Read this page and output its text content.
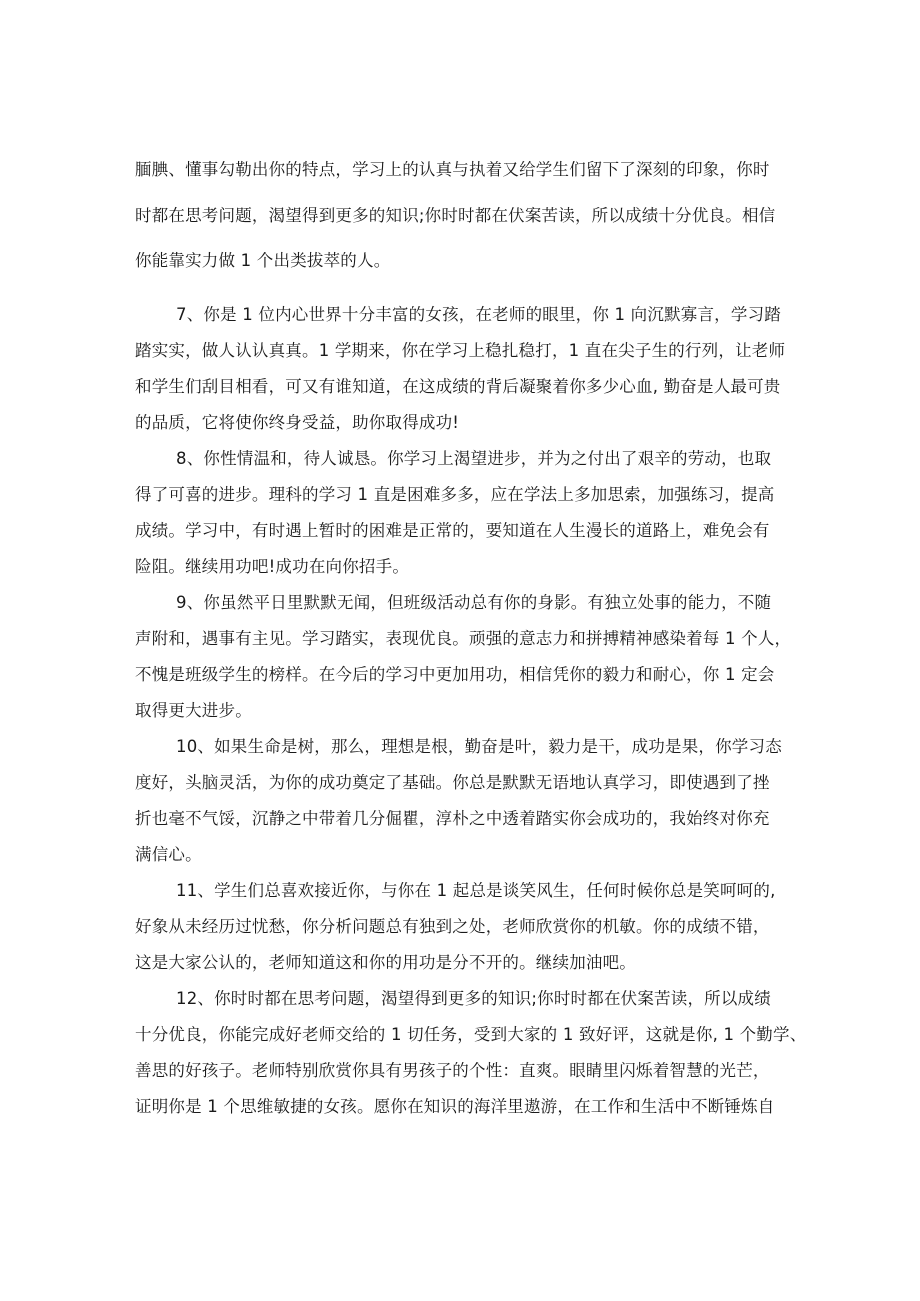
腼腆、懂事勾勒出你的特点，学习上的认真与执着又给学生们留下了深刻的印象，你时
时都在思考问题，渴望得到更多的知识;你时时都在伏案苦读，所以成绩十分优良。相信
你能靠实力做 1 个出类拔萃的人。
7、你是 1 位内心世界十分丰富的女孩，在老师的眼里，你 1 向沉默寡言，学习踏
踏实实，做人认认真真。1 学期来，你在学习上稳扎稳打，1 直在尖子生的行列，让老师
和学生们刮目相看，可又有谁知道，在这成绩的背后凝聚着你多少心血, 勤奋是人最可贵
的品质，它将使你终身受益，助你取得成功!
8、你性情温和，待人诚恳。你学习上渴望进步，并为之付出了艰辛的劳动，也取
得了可喜的进步。理科的学习 1 直是困难多多，应在学法上多加思索，加强练习，提高
成绩。学习中，有时遇上暂时的困难是正常的，要知道在人生漫长的道路上，难免会有
险阻。继续用功吧!成功在向你招手。
9、你虽然平日里默默无闻，但班级活动总有你的身影。有独立处事的能力，不随
声附和，遇事有主见。学习踏实，表现优良。顽强的意志力和拼搏精神感染着每 1 个人，
不愧是班级学生的榜样。在今后的学习中更加用功，相信凭你的毅力和耐心，你 1 定会
取得更大进步。
10、如果生命是树，那么，理想是根，勤奋是叶，毅力是干，成功是果，你学习态
度好，头脑灵活，为你的成功奠定了基础。你总是默默无语地认真学习，即使遇到了挫
折也毫不气馁，沉静之中带着几分倔瞿，淳朴之中透着踏实你会成功的，我始终对你充
满信心。
11、学生们总喜欢接近你，与你在 1 起总是谈笑风生，任何时候你总是笑呵呵的,
好象从未经历过忧愁，你分析问题总有独到之处，老师欣赏你的机敏。你的成绩不错，
这是大家公认的，老师知道这和你的用功是分不开的。继续加油吧。
12、你时时都在思考问题，渴望得到更多的知识;你时时都在伏案苦读，所以成绩
十分优良，你能完成好老师交给的 1 切任务，受到大家的 1 致好评，这就是你, 1 个勤学、
善思的好孩子。老师特别欣赏你具有男孩子的个性：直爽。眼睛里闪烁着智慧的光芒，
证明你是 1 个思维敏捷的女孩。愿你在知识的海洋里遨游，在工作和生活中不断锤炼自
